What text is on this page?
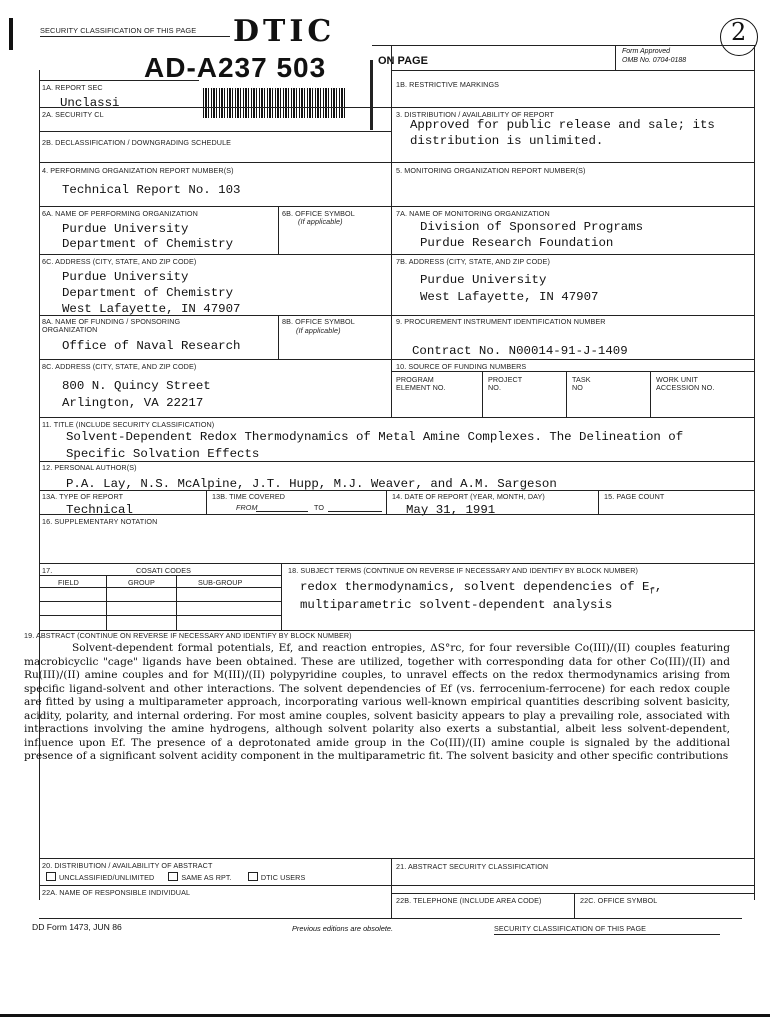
SECURITY CLASSIFICATION OF THIS PAGE DTIC
AD-A237 503	ON PAGE
Form Approved
OMB No. 0704-0188
2
1A. REPORT SEC
Unclassi
1B. RESTRICTIVE MARKINGS
2A. SECURITY CL	3. DISTRIBUTION / AVAILABILITY OF REPORT
Approved for public release and sale; its
distribution is unlimited.
2B. DECLASSIFICATION / DOWNGRADING SCHEDULE
4. PERFORMING ORGANIZATION REPORT NUMBER(S)
Technical Report No. 103
5. MONITORING ORGANIZATION REPORT NUMBER(S)
6A. NAME OF PERFORMING ORGANIZATION
Purdue University
Department of Chemistry
6B. OFFICE SYMBOL
(If applicable)
7A. NAME OF MONITORING ORGANIZATION
Division of Sponsored Programs
Purdue Research Foundation
6C. ADDRESS (CITY, STATE, AND ZIP CODE)
Purdue University
Department of Chemistry
West Lafayette, IN 47907
7B. ADDRESS (CITY, STATE, AND ZIP CODE)
Purdue University
West Lafayette, IN 47907
8A. NAME OF FUNDING / SPONSORING
ORGANIZATION
Office of Naval Research
8B. OFFICE SYMBOL
(If applicable)
9. PROCUREMENT INSTRUMENT IDENTIFICATION NUMBER
Contract No. N00014-91-J-1409
8C. ADDRESS (CITY, STATE, AND ZIP CODE)
800 N. Quincy Street
Arlington, VA 22217
10. SOURCE OF FUNDING NUMBERS
PROGRAM
ELEMENT NO.
PROJECT
NO.
TASK
NO
WORK UNIT
ACCESSION NO.
11. TITLE (INCLUDE SECURITY CLASSIFICATION)
Solvent-Dependent Redox Thermodynamics of Metal Amine Complexes. The Delineation of
Specific Solvation Effects
12. PERSONAL AUTHOR(S)
P.A. Lay, N.S. McAlpine, J.T. Hupp, M.J. Weaver, and A.M. Sargeson
13A. TYPE OF REPORT
Technical
13B. TIME COVERED
FROM	TO
14. DATE OF REPORT (YEAR, MONTH, DAY)
May 31, 1991
15. PAGE COUNT
16. SUPPLEMENTARY NOTATION
17.	COSATI CODES
FIELD	GROUP	SUB-GROUP
18. SUBJECT TERMS (CONTINUE ON REVERSE IF NECESSARY AND IDENTIFY BY BLOCK NUMBER)
redox thermodynamics, solvent dependencies of $E_f$,
multiparametric solvent-dependent analysis
19. ABSTRACT (CONTINUE ON REVERSE IF NECESSARY AND IDENTIFY BY BLOCK NUMBER)
Solvent-dependent formal potentials, Ef, and reaction entropies, ΔS°rc, for four reversible Co(III)/(II) couples featuring macrobicyclic "cage" ligands have been obtained. These are utilized, together with corresponding data for other Co(III)/(II) and Ru(III)/(II) amine couples and for M(III)/(II) polypyridine couples, to unravel effects on the redox thermodynamics arising from specific ligand-solvent and other interactions. The solvent dependencies of Ef (vs. ferrocenium-ferrocene) for each redox couple are fitted by using a multiparameter approach, incorporating various well-known empirical quantities describing solvent basicity, acidity, polarity, and internal ordering. For most amine couples, solvent basicity appears to play a prevailing role, associated with interactions involving the amine hydrogens, although solvent polarity also exerts a substantial, albeit less solvent-dependent, influence upon Ef. The presence of a deprotonated amide group in the Co(III)/(II) amine couple is signaled by the additional presence of a significant solvent acidity component in the multiparametric fit. The solvent basicity and other specific contributions
20. DISTRIBUTION / AVAILABILITY OF ABSTRACT
UNCLASSIFIED/UNLIMITED	SAME AS RPT.	DTIC USERS
21. ABSTRACT SECURITY CLASSIFICATION
22A. NAME OF RESPONSIBLE INDIVIDUAL
22B. TELEPHONE (INCLUDE AREA CODE)	22C. OFFICE SYMBOL
DD Form 1473, JUN 86	Previous editions are obsolete.	SECURITY CLASSIFICATION OF THIS PAGE
